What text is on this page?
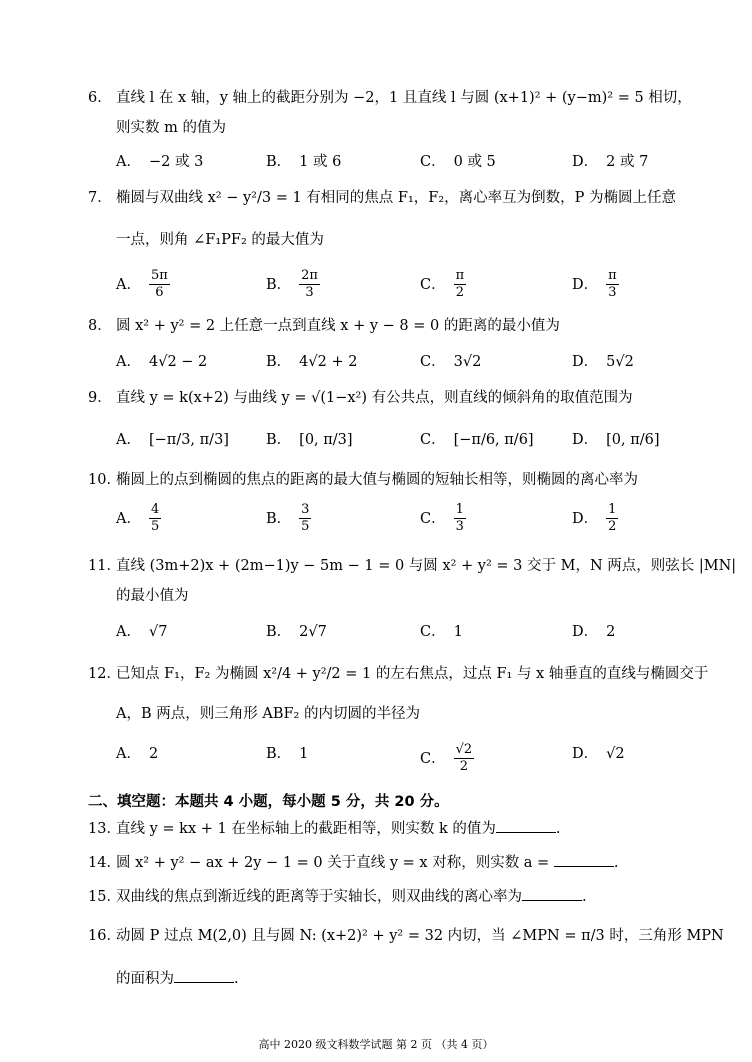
6． 直线 l 在 x 轴，y 轴上的截距分别为 −2，1 且直线 l 与圆 (x+1)² + (y−m)² = 5 相切，
则实数 m 的值为
A． −2 或 3	B． 1 或 6	C． 0 或 5	D． 2 或 7
7． 椭圆与双曲线 x² − y²/3 = 1 有相同的焦点 F₁，F₂，离心率互为倒数，P 为椭圆上任意
一点，则角 ∠F₁PF₂ 的最大值为
A． $\frac{5\pi}{6}$	B． $\frac{2\pi}{3}$	C． $\frac{\pi}{2}$	D． $\frac{\pi}{3}$
8． 圆 x² + y² = 2 上任意一点到直线 x + y − 8 = 0 的距离的最小值为
A． 4√2 − 2	B． 4√2 + 2	C． 3√2	D． 5√2
9． 直线 y = k(x+2) 与曲线 y = √(1−x²) 有公共点，则直线的倾斜角的取值范围为
A． [−π/3, π/3]	B． [0, π/3]	C． [−π/6, π/6]	D． [0, π/6]
10．椭圆上的点到椭圆的焦点的距离的最大值与椭圆的短轴长相等，则椭圆的离心率为
A． $\frac{4}{5}$	B． $\frac{3}{5}$	C． $\frac{1}{3}$	D． $\frac{1}{2}$
11．直线 (3m+2)x + (2m−1)y − 5m − 1 = 0 与圆 x² + y² = 3 交于 M，N 两点，则弦长 |MN|
的最小值为
A． √7	B． 2√7	C． 1	D． 2
12．已知点 F₁，F₂ 为椭圆 x²/4 + y²/2 = 1 的左右焦点，过点 F₁ 与 x 轴垂直的直线与椭圆交于
A，B 两点，则三角形 ABF₂ 的内切圆的半径为
A． 2	B． 1	C． $\frac{√2}{2}$	D． √2
二、填空题：本题共 4 小题，每小题 5 分，共 20 分。
13．直线 y = kx + 1 在坐标轴上的截距相等，则实数 k 的值为	.
14．圆 x² + y² − ax + 2y − 1 = 0 关于直线 y = x 对称，则实数 a =	.
15．双曲线的焦点到渐近线的距离等于实轴长，则双曲线的离心率为	.
16．动圆 P 过点 M(2,0) 且与圆 N: (x+2)² + y² = 32 内切，当 ∠MPN = π/3 时，三角形 MPN
的面积为	.
高中 2020 级文科数学试题 第 2 页 （共 4 页）
